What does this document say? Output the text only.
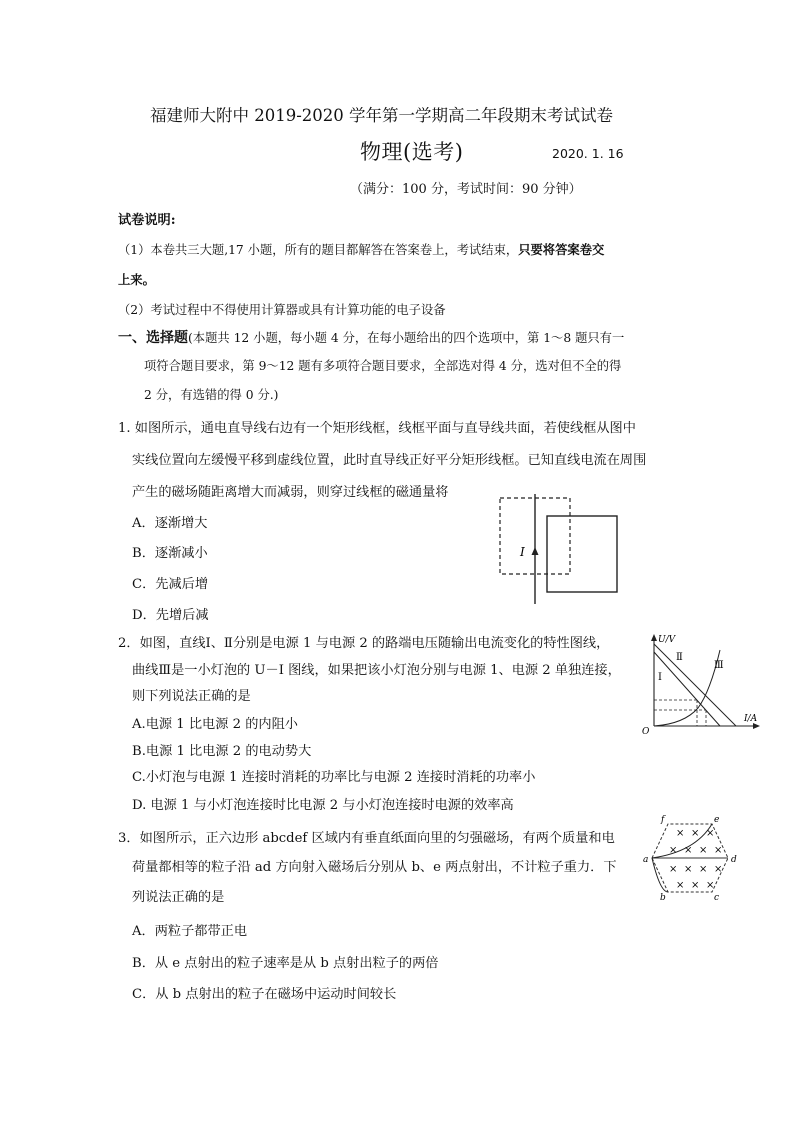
福建师大附中 2019-2020 学年第一学期高二年段期末考试试卷
物理(选考)	2020. 1. 16
（满分：100 分，考试时间：90 分钟）
试卷说明:
（1）本卷共三大题,17 小题，所有的题目都解答在答案卷上，考试结束，只要将答案卷交
上来。
（2）考试过程中不得使用计算器或具有计算功能的电子设备
一、选择题(本题共 12 小题，每小题 4 分，在每小题给出的四个选项中，第 1～8 题只有一
项符合题目要求，第 9～12 题有多项符合题目要求，全部选对得 4 分，选对但不全的得
2 分，有选错的得 0 分.)
1. 如图所示，通电直导线右边有一个矩形线框，线框平面与直导线共面，若使线框从图中
实线位置向左缓慢平移到虚线位置，此时直导线正好平分矩形线框。已知直线电流在周围
产生的磁场随距离增大而减弱，则穿过线框的磁通量将
A．逐渐增大
B．逐渐减小
C．先减后增
D．先增后减
I
2．如图，直线Ⅰ、Ⅱ分别是电源 1 与电源 2 的路端电压随输出电流变化的特性图线，
曲线Ⅲ是一小灯泡的 U－I 图线，如果把该小灯泡分别与电源 1、电源 2 单独连接，
则下列说法正确的是
A.电源 1 比电源 2 的内阻小
B.电源 1 比电源 2 的电动势大
C.小灯泡与电源 1 连接时消耗的功率比与电源 2 连接时消耗的功率小
D. 电源 1 与小灯泡连接时比电源 2 与小灯泡连接时电源的效率高
U/V
I/A
O
Ⅰ
Ⅱ
Ⅲ
3．如图所示，正六边形 abcdef 区域内有垂直纸面向里的匀强磁场，有两个质量和电
荷量都相等的粒子沿 ad 方向射入磁场后分别从 b、e 两点射出，不计粒子重力．下
列说法正确的是
A．两粒子都带正电
B．从 e 点射出的粒子速率是从 b 点射出粒子的两倍
C．从 b 点射出的粒子在磁场中运动时间较长
× × ×
× × × ×
× × × ×
× × ×
a
b	c
d
e
f
